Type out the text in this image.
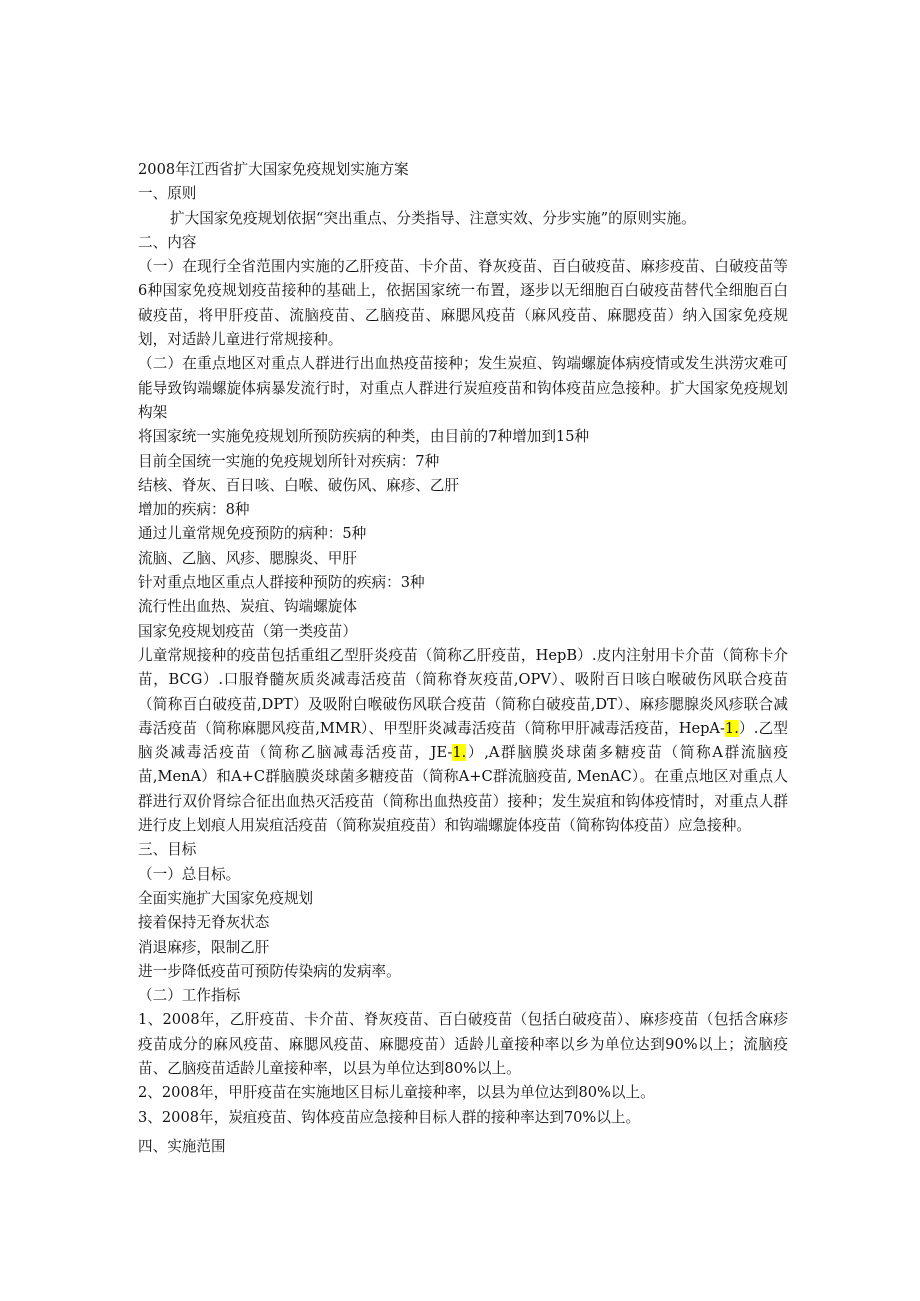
2008年江西省扩大国家免疫规划实施方案

一、原则

扩大国家免疫规划依据“突出重点、分类指导、注意实效、分步实施”的原则实施。

二、内容

（一）在现行全省范围内实施的乙肝疫苗、卡介苗、脊灰疫苗、百白破疫苗、麻疹疫苗、白破疫苗等6种国家免疫规划疫苗接种的基础上，依据国家统一布置，逐步以无细胞百白破疫苗替代全细胞百白破疫苗，将甲肝疫苗、流脑疫苗、乙脑疫苗、麻腮风疫苗（麻风疫苗、麻腮疫苗）纳入国家免疫规划，对适龄儿童进行常规接种。

（二）在重点地区对重点人群进行出血热疫苗接种；发生炭疸、钩端螺旋体病疫情或发生洪涝灾难可能导致钩端螺旋体病暴发流行时，对重点人群进行炭疸疫苗和钩体疫苗应急接种。扩大国家免疫规划构架

将国家统一实施免疫规划所预防疾病的种类，由目前的7种增加到15种

目前全国统一实施的免疫规划所针对疾病：7种

结核、脊灰、百日咳、白喉、破伤风、麻疹、乙肝

增加的疾病：8种

通过儿童常规免疫预防的病种：5种

流脑、乙脑、风疹、腮腺炎、甲肝

针对重点地区重点人群接种预防的疾病：3种

流行性出血热、炭疽、钩端螺旋体

国家免疫规划疫苗（第一类疫苗）

儿童常规接种的疫苗包括重组乙型肝炎疫苗（简称乙肝疫苗，HepB）.皮内注射用卡介苗（简称卡介苗，BCG）.口服脊髓灰质炎减毒活疫苗（简称脊灰疫苗,OPV）、吸附百日咳白喉破伤风联合疫苗（简称百白破疫苗,DPT）及吸附白喉破伤风联合疫苗（简称白破疫苗,DT）、麻疹腮腺炎风疹联合减毒活疫苗（简称麻腮风疫苗,MMR）、甲型肝炎减毒活疫苗（简称甲肝减毒活疫苗，HepA-1.）.乙型脑炎减毒活疫苗（简称乙脑减毒活疫苗，JE-1.）,A群脑膜炎球菌多糖疫苗（简称A群流脑疫苗,MenA）和A+C群脑膜炎球菌多糖疫苗（简称A+C群流脑疫苗, MenAC）。在重点地区对重点人群进行双价肾综合征出血热灭活疫苗（简称出血热疫苗）接种；发生炭疽和钩体疫情时，对重点人群进行皮上划痕人用炭疽活疫苗（简称炭疽疫苗）和钩端螺旋体疫苗（简称钩体疫苗）应急接种。

三、目标

（一）总目标。

全面实施扩大国家免疫规划

接着保持无脊灰状态

消退麻疹，限制乙肝

进一步降低疫苗可预防传染病的发病率。

（二）工作指标

1、2008年，乙肝疫苗、卡介苗、脊灰疫苗、百白破疫苗（包括白破疫苗）、麻疹疫苗（包括含麻疹疫苗成分的麻风疫苗、麻腮风疫苗、麻腮疫苗）适龄儿童接种率以乡为单位达到90%以上；流脑疫苗、乙脑疫苗适龄儿童接种率，以县为单位达到80%以上。

2、2008年，甲肝疫苗在实施地区目标儿童接种率，以县为单位达到80%以上。

3、2008年，炭疽疫苗、钩体疫苗应急接种目标人群的接种率达到70%以上。

四、实施范围
